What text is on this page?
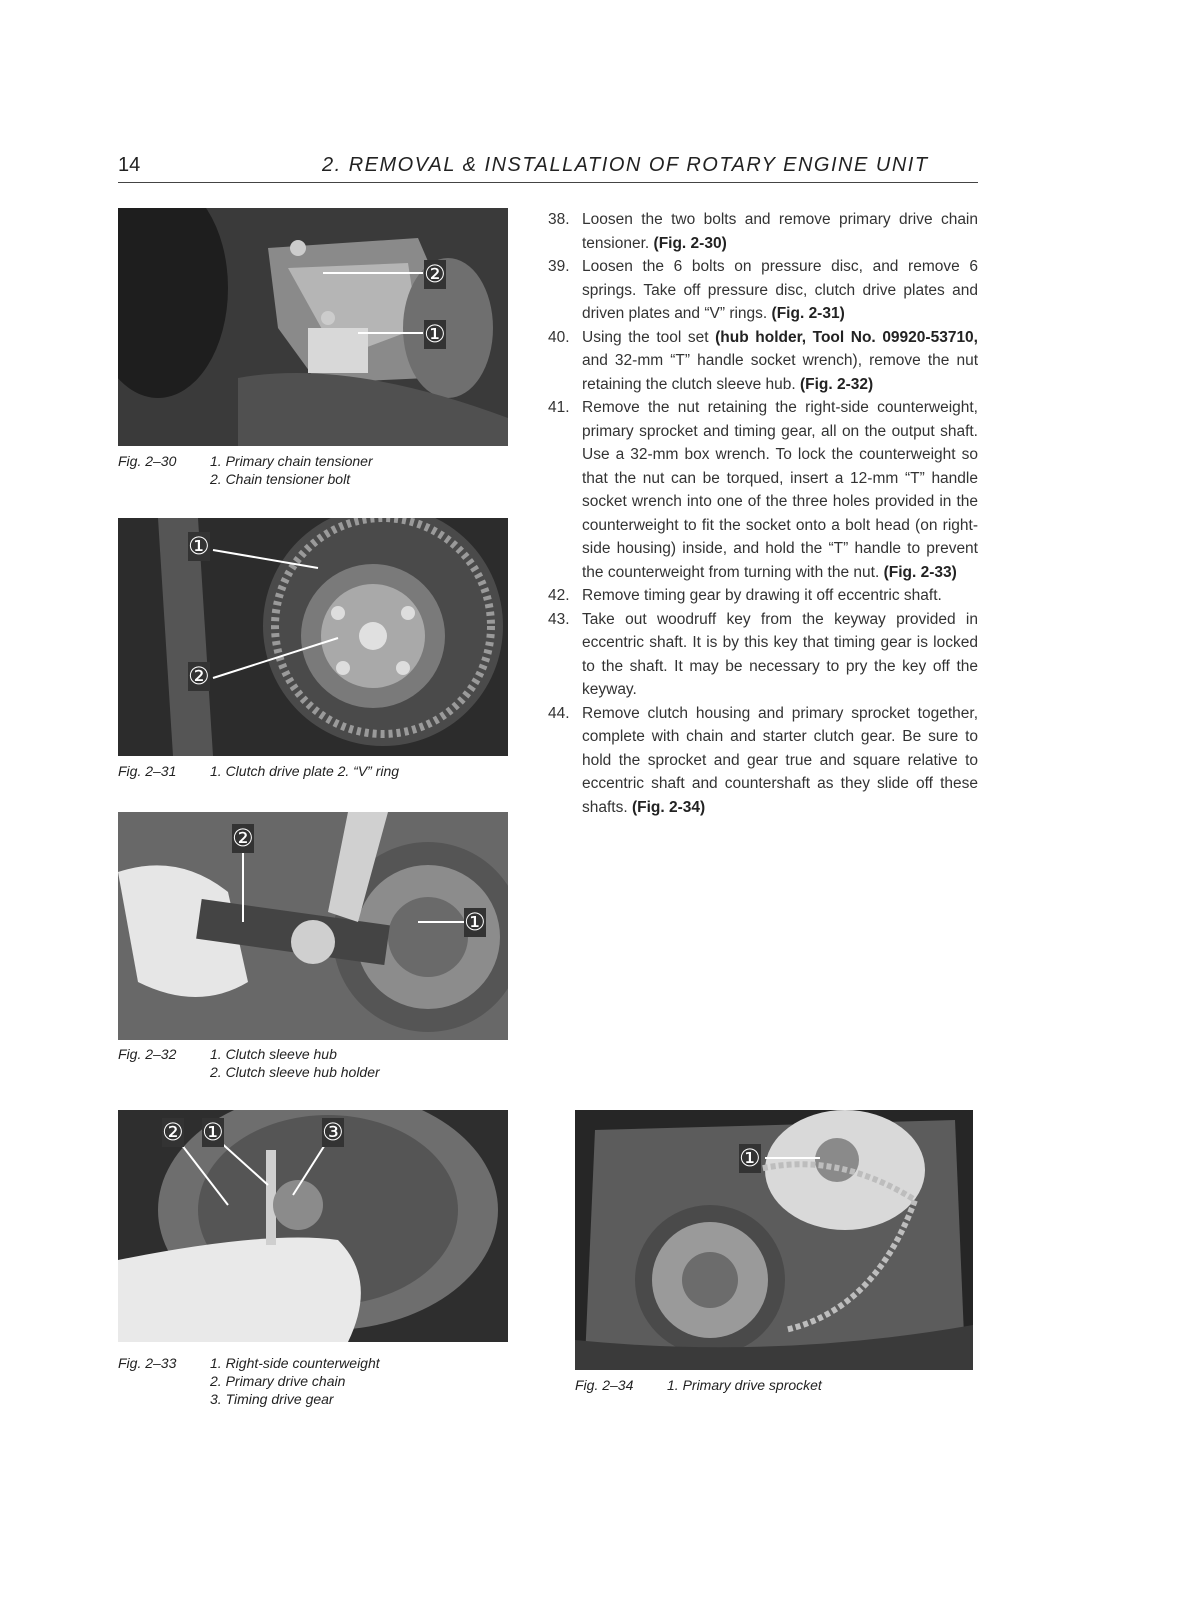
14	2. REMOVAL & INSTALLATION OF ROTARY ENGINE UNIT
②
①
Fig. 2–30 1. Primary chain tensioner
2. Chain tensioner bolt
①
②
Fig. 2–31 1. Clutch drive plate 2. “V” ring
②
①
Fig. 2–32 1. Clutch sleeve hub
2. Clutch sleeve hub holder
② ①	③
Fig. 2–33 1. Right-side counterweight
2. Primary drive chain
3. Timing drive gear
①
Fig. 2–34 1. Primary drive sprocket
38. Loosen the two bolts and remove primary drive chain tensioner. (Fig. 2-30)
39. Loosen the 6 bolts on pressure disc, and remove 6 springs. Take off pressure disc, clutch drive plates and driven plates and “V” rings. (Fig. 2-31)
40. Using the tool set (hub holder, Tool No. 09920-53710, and 32-mm “T” handle socket wrench), remove the nut retaining the clutch sleeve hub. (Fig. 2-32)
41. Remove the nut retaining the right-side counterweight, primary sprocket and timing gear, all on the output shaft. Use a 32-mm box wrench. To lock the counterweight so that the nut can be torqued, insert a 12-mm “T” handle socket wrench into one of the three holes provided in the counterweight to fit the socket onto a bolt head (on right-side housing) inside, and hold the “T” handle to prevent the counterweight from turning with the nut. (Fig. 2-33)
42. Remove timing gear by drawing it off eccentric shaft.
43. Take out woodruff key from the keyway provided in eccentric shaft. It is by this key that timing gear is locked to the shaft. It may be necessary to pry the key off the keyway.
44. Remove clutch housing and primary sprocket together, complete with chain and starter clutch gear. Be sure to hold the sprocket and gear true and square relative to eccentric shaft and countershaft as they slide off these shafts. (Fig. 2-34)
